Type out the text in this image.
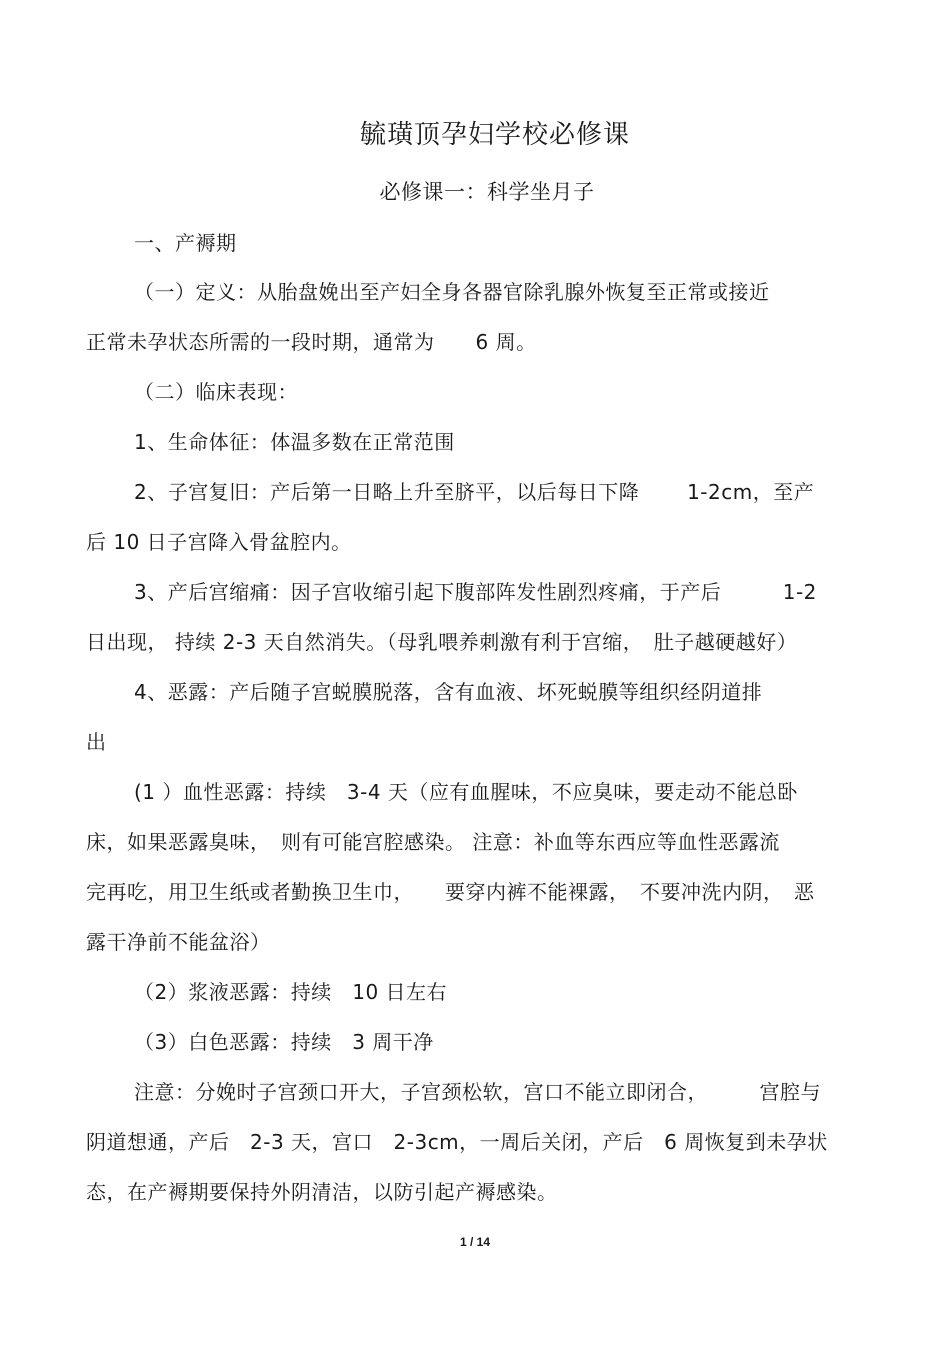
毓璜顶孕妇学校必修课
必修课一：科学坐月子
一、产褥期
（一）定义：从胎盘娩出至产妇全身各器官除乳腺外恢复至正常或接近
正常未孕状态所需的一段时期，通常为　　6 周。
（二）临床表现：
1、生命体征：体温多数在正常范围
2、子宫复旧：产后第一日略上升至脐平，以后每日下降　　 1-2cm，至产
后 10 日子宫降入骨盆腔内。
3、产后宫缩痛：因子宫收缩引起下腹部阵发性剧烈疼痛，于产后　　　1-2
日出现， 持续 2-3 天自然消失。（母乳喂养刺激有利于宫缩，　肚子越硬越好）
4、恶露：产后随子宫蜕膜脱落，含有血液、坏死蜕膜等组织经阴道排
出
(1 ）血性恶露：持续　3-4 天（应有血腥味，不应臭味，要走动不能总卧
床，如果恶露臭味，　则有可能宫腔感染。 注意：补血等东西应等血性恶露流
完再吃，用卫生纸或者勤换卫生巾，　　要穿内裤不能裸露，　不要冲洗内阴，　恶
露干净前不能盆浴）
（2）浆液恶露：持续　10 日左右
（3）白色恶露：持续　3 周干净
注意：分娩时子宫颈口开大，子宫颈松软，宫口不能立即闭合，　　　宫腔与
阴道想通，产后　2-3 天，宫口　2-3cm，一周后关闭，产后　6 周恢复到未孕状
态，在产褥期要保持外阴清洁，以防引起产褥感染。
1 / 14
